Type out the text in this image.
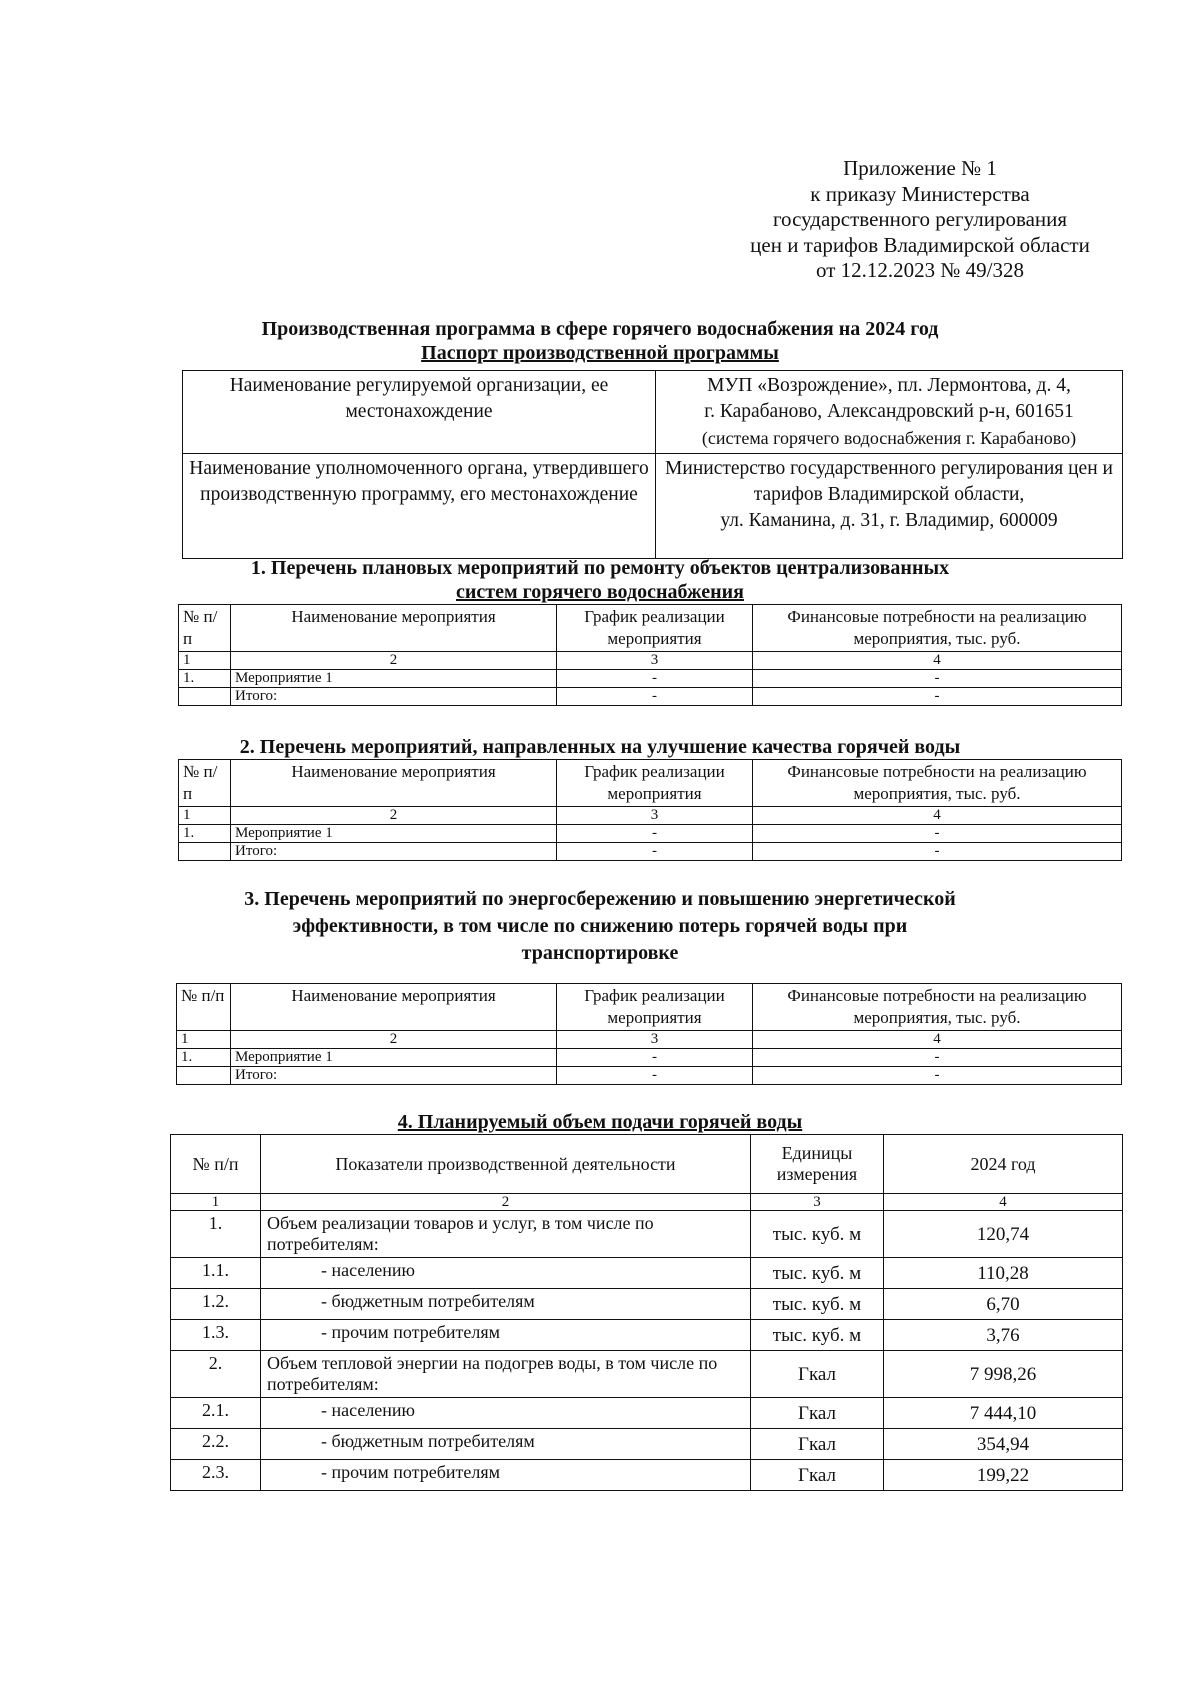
Приложение № 1
к приказу Министерства
государственного регулирования
цен и тарифов Владимирской области
от 12.12.2023 № 49/328
Производственная программа в сфере горячего водоснабжения на 2024 год
Паспорт производственной программы
Наименование регулируемой организации, ее местонахождение	МУП «Возрождение», пл. Лермонтова, д. 4,
г. Карабаново, Александровский р-н, 601651
(система горячего водоснабжения г. Карабаново)

Наименование уполномоченного органа, утвердившего производственную программу, его местонахождение	Министерство государственного регулирования цен и тарифов Владимирской области,
ул. Каманина, д. 31, г. Владимир, 600009
1. Перечень плановых мероприятий по ремонту объектов централизованных
систем горячего водоснабжения
№ п/п	Наименование мероприятия	График реализации мероприятия	Финансовые потребности на реализацию мероприятия, тыс. руб.
1	2	3	4
1.	Мероприятие 1	-	-
	Итого:	-	-
2. Перечень мероприятий, направленных на улучшение качества горячей воды
№ п/п	Наименование мероприятия	График реализации мероприятия	Финансовые потребности на реализацию мероприятия, тыс. руб.
1	2	3	4
1.	Мероприятие 1	-	-
	Итого:	-	-
3. Перечень мероприятий по энергосбережению и повышению энергетической
эффективности, в том числе по снижению потерь горячей воды при
транспортировке
№ п/п	Наименование мероприятия	График реализации мероприятия	Финансовые потребности на реализацию мероприятия, тыс. руб.
1	2	3	4
1.	Мероприятие 1	-	-
	Итого:	-	-
4. Планируемый объем подачи горячей воды
№ п/п	Показатели производственной деятельности	Единицы измерения	2024 год
1	2	3	4
1.	Объем реализации товаров и услуг, в том числе по потребителям:	тыс. куб. м	120,74
1.1.	- населению	тыс. куб. м	110,28
1.2.	- бюджетным потребителям	тыс. куб. м	6,70
1.3.	- прочим потребителям	тыс. куб. м	3,76
2.	Объем тепловой энергии на подогрев воды, в том числе по потребителям:	Гкал	7 998,26
2.1.	- населению	Гкал	7 444,10
2.2.	- бюджетным потребителям	Гкал	354,94
2.3.	- прочим потребителям	Гкал	199,22
